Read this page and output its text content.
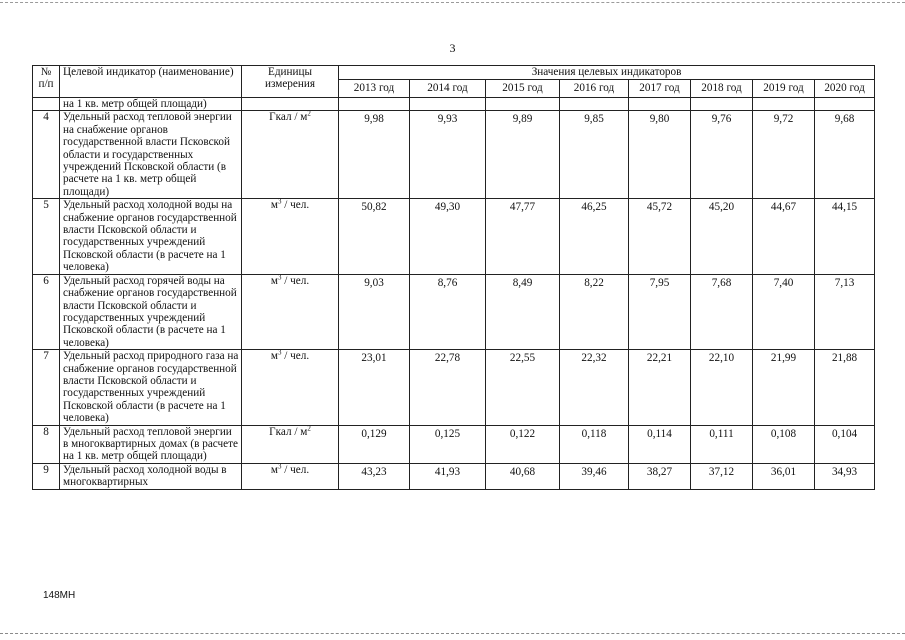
3
№
п/п	Целевой индикатор (наименование)	Единицы измерения	Значения целевых индикаторов							
			2013 год	2014 год	2015 год	2016 год	2017 год	2018 год	2019 год	2020 год
	на 1 кв. метр общей площади)									
4	Удельный расход тепловой энергии на снабжение органов государственной власти Псковской области и государственных учреждений Псковской области (в расчете на 1 кв. метр общей площади)	Гкал / $м^2$	9,98	9,93	9,89	9,85	9,80	9,76	9,72	9,68
5	Удельный расход холодной воды на снабжение органов государственной власти Псковской области и государственных учреждений Псковской области (в расчете на 1 человека)	$м^3$ / чел.	50,82	49,30	47,77	46,25	45,72	45,20	44,67	44,15
6	Удельный расход горячей воды на снабжение органов государственной власти Псковской области и государственных учреждений Псковской области (в расчете на 1 человека)	$м^3$ / чел.	9,03	8,76	8,49	8,22	7,95	7,68	7,40	7,13
7	Удельный расход природного газа на снабжение органов государственной власти Псковской области и государственных учреждений Псковской области (в расчете на 1 человека)	$м^3$ / чел.	23,01	22,78	22,55	22,32	22,21	22,10	21,99	21,88
8	Удельный расход тепловой энергии в многоквартирных домах (в расчете на 1 кв. метр общей площади)	Гкал / $м^2$	0,129	0,125	0,122	0,118	0,114	0,111	0,108	0,104
9	Удельный расход холодной воды в многоквартирных	$м^3$ / чел.	43,23	41,93	40,68	39,46	38,27	37,12	36,01	34,93
148МН
